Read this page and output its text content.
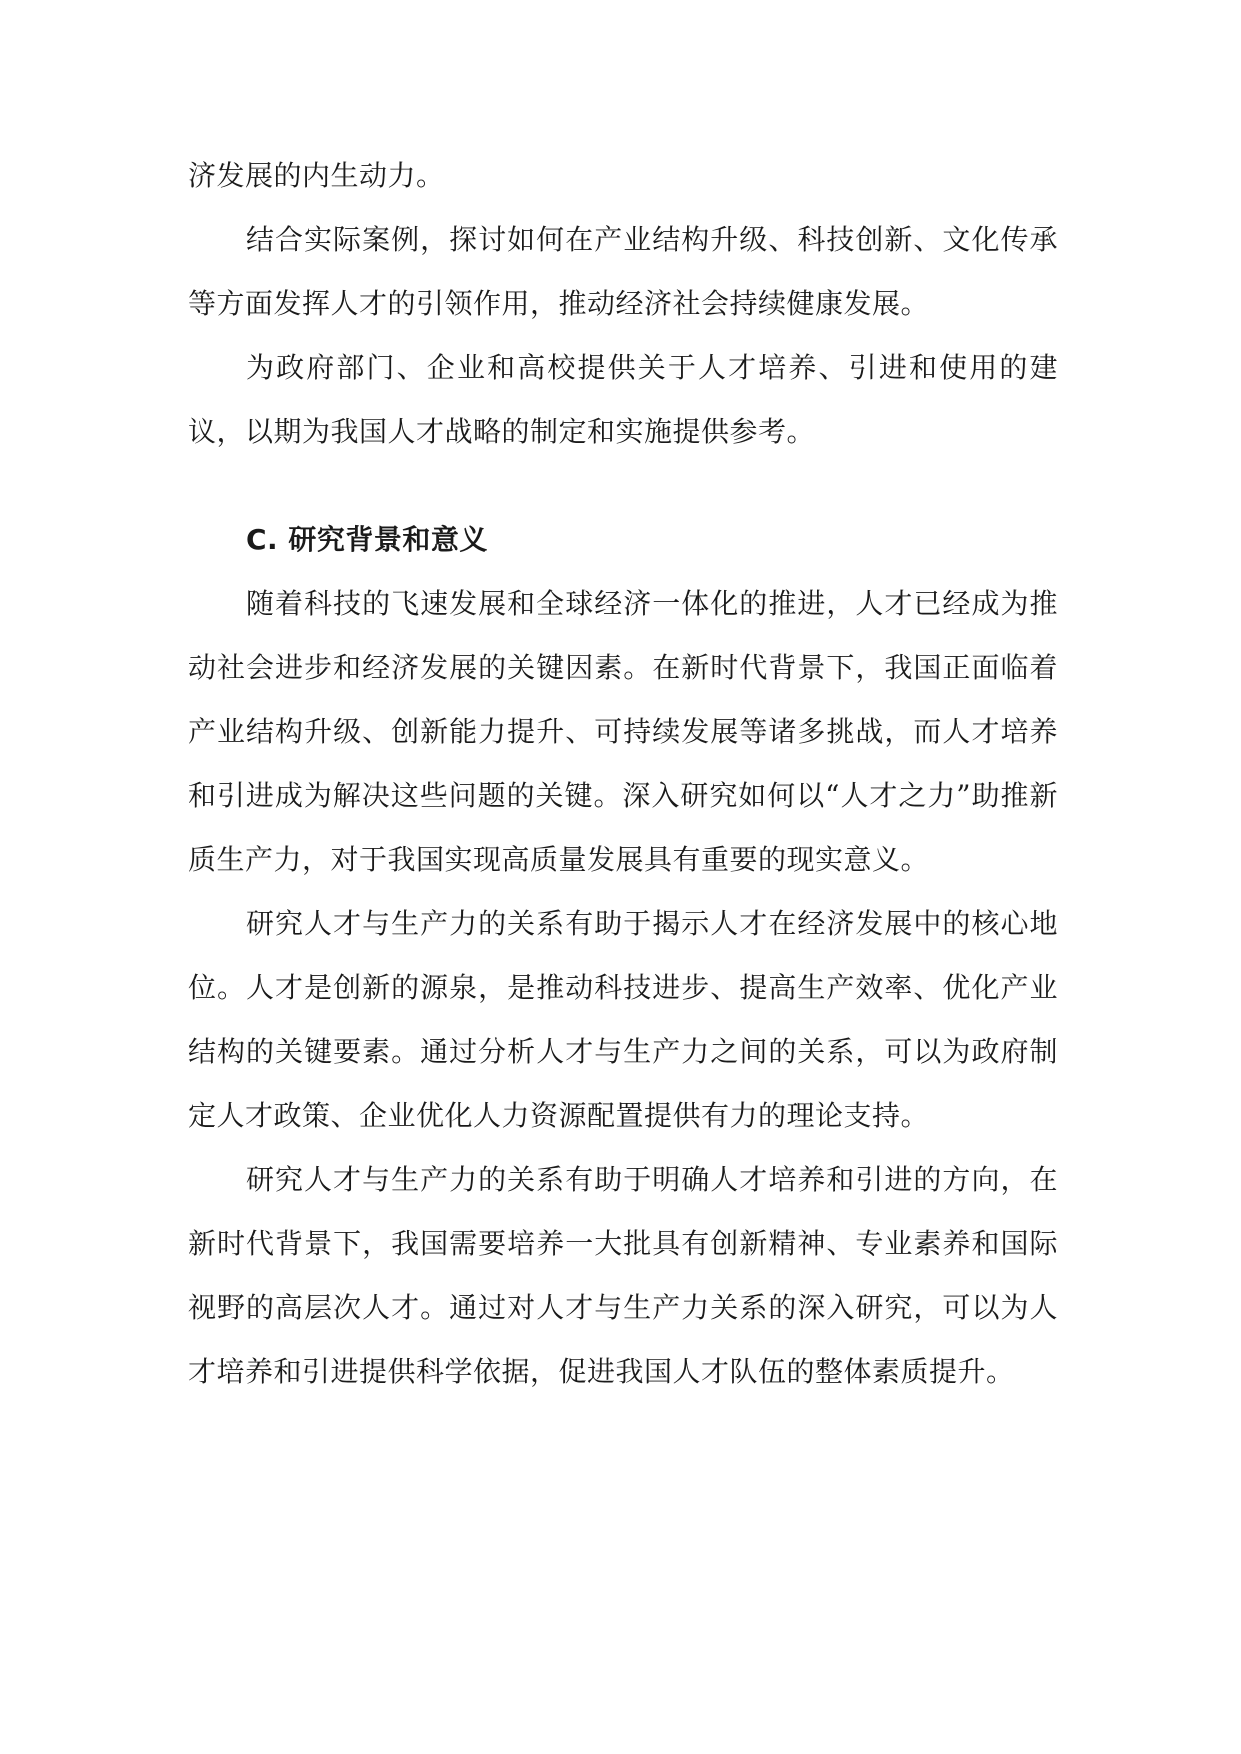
济发展的内生动力。

结合实际案例，探讨如何在产业结构升级、科技创新、文化传承等方面发挥人才的引领作用，推动经济社会持续健康发展。

为政府部门、企业和高校提供关于人才培养、引进和使用的建议，以期为我国人才战略的制定和实施提供参考。

C. 研究背景和意义

随着科技的飞速发展和全球经济一体化的推进，人才已经成为推动社会进步和经济发展的关键因素。在新时代背景下，我国正面临着产业结构升级、创新能力提升、可持续发展等诸多挑战，而人才培养和引进成为解决这些问题的关键。深入研究如何以“人才之力”助推新质生产力，对于我国实现高质量发展具有重要的现实意义。

研究人才与生产力的关系有助于揭示人才在经济发展中的核心地位。人才是创新的源泉，是推动科技进步、提高生产效率、优化产业结构的关键要素。通过分析人才与生产力之间的关系，可以为政府制定人才政策、企业优化人力资源配置提供有力的理论支持。

研究人才与生产力的关系有助于明确人才培养和引进的方向，在新时代背景下，我国需要培养一大批具有创新精神、专业素养和国际视野的高层次人才。通过对人才与生产力关系的深入研究，可以为人才培养和引进提供科学依据，促进我国人才队伍的整体素质提升。
